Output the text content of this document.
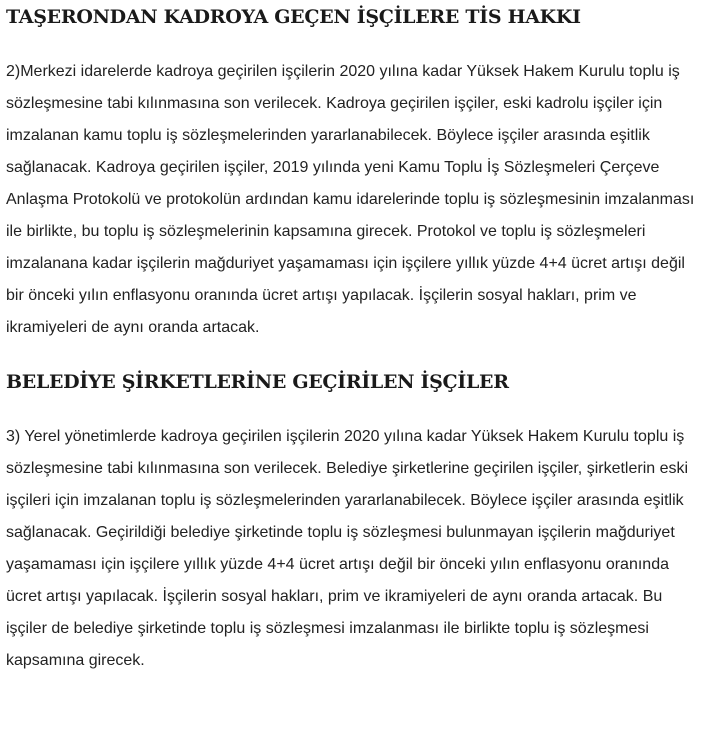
TAŞERONDAN KADROYA GEÇEN İŞÇİLERE TİS HAKKI

2)Merkezi idarelerde kadroya geçirilen işçilerin 2020 yılına kadar Yüksek Hakem Kurulu toplu iş sözleşmesine tabi kılınmasına son verilecek. Kadroya geçirilen işçiler, eski kadrolu işçiler için imzalanan kamu toplu iş sözleşmelerinden yararlanabilecek. Böylece işçiler arasında eşitlik sağlanacak. Kadroya geçirilen işçiler, 2019 yılında yeni Kamu Toplu İş Sözleşmeleri Çerçeve Anlaşma Protokolü ve protokolün ardından kamu idarelerinde toplu iş sözleşmesinin imzalanması ile birlikte, bu toplu iş sözleşmelerinin kapsamına girecek. Protokol ve toplu iş sözleşmeleri imzalanana kadar işçilerin mağduriyet yaşamaması için işçilere yıllık yüzde 4+4 ücret artışı değil bir önceki yılın enflasyonu oranında ücret artışı yapılacak. İşçilerin sosyal hakları, prim ve ikramiyeleri de aynı oranda artacak.

BELEDİYE ŞİRKETLERİNE GEÇİRİLEN İŞÇİLER

3) Yerel yönetimlerde kadroya geçirilen işçilerin 2020 yılına kadar Yüksek Hakem Kurulu toplu iş sözleşmesine tabi kılınmasına son verilecek. Belediye şirketlerine geçirilen işçiler, şirketlerin eski işçileri için imzalanan toplu iş sözleşmelerinden yararlanabilecek. Böylece işçiler arasında eşitlik sağlanacak. Geçirildiği belediye şirketinde toplu iş sözleşmesi bulunmayan işçilerin mağduriyet yaşamaması için işçilere yıllık yüzde 4+4 ücret artışı değil bir önceki yılın enflasyonu oranında ücret artışı yapılacak. İşçilerin sosyal hakları, prim ve ikramiyeleri de aynı oranda artacak. Bu işçiler de belediye şirketinde toplu iş sözleşmesi imzalanması ile birlikte toplu iş sözleşmesi kapsamına girecek.
